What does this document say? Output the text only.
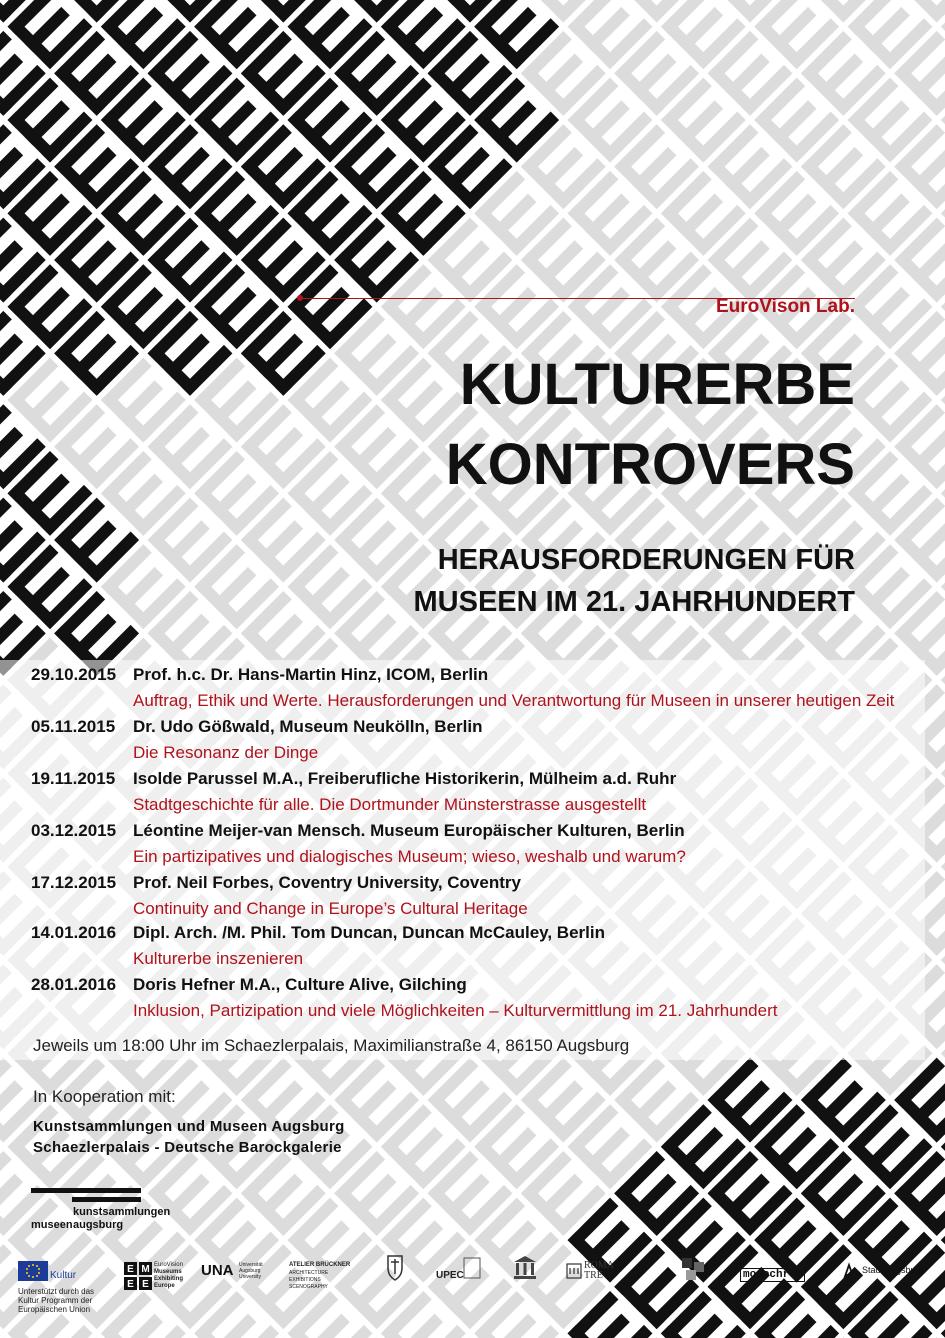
EuroVison Lab.
KULTURERBE
KONTROVERS
HERAUSFORDERUNGEN FÜR
MUSEEN IM 21. JAHRHUNDERT
29.10.2015 Prof. h.c. Dr. Hans-Martin Hinz, ICOM, Berlin
Auftrag, Ethik und Werte. Herausforderungen und Verantwortung für Museen in unserer heutigen Zeit
05.11.2015	Dr. Udo Gößwald, Museum Neukölln, Berlin
Die Resonanz der Dinge
19.11.2015	Isolde Parussel M.A., Freiberufliche Historikerin, Mülheim a.d. Ruhr
Stadtgeschichte für alle. Die Dortmunder Münsterstrasse ausgestellt
03.12.2015 Léontine Meijer-van Mensch. Museum Europäischer Kulturen, Berlin
Ein partizipatives und dialogisches Museum; wieso, weshalb und warum?
17.12.2015 Prof. Neil Forbes, Coventry University, Coventry
Continuity and Change in Europe’s Cultural Heritage
14.01.2016 Dipl. Arch. /M. Phil. Tom Duncan, Duncan McCauley, Berlin
Kulturerbe inszenieren
28.01.2016 Doris Hefner M.A., Culture Alive, Gilching
Inklusion, Partizipation und viele Möglichkeiten – Kulturvermittlung im 21. Jahrhundert
Jeweils um 18:00 Uhr im Schaezlerpalais, Maximilianstraße 4, 86150 Augsburg
In Kooperation mit:
Kunstsammlungen und Museen Augsburg
Schaezlerpalais - Deutsche Barockgalerie
kunstsammlungen
museen augsburg
Kultur
Unterstützt durch das
Kultur Programm der
Europäischen Union
E M
E E
EuroVision
Museums
Exhibiting
Europe
UNA Universität
Augsburg
University
ATELIER BRÜCKNER
ARCHITECTURE
EXHIBITIONS
SCENOGRAPHY
UPEC
ROMA
TRE	monochrom	Stadt Augsburg
